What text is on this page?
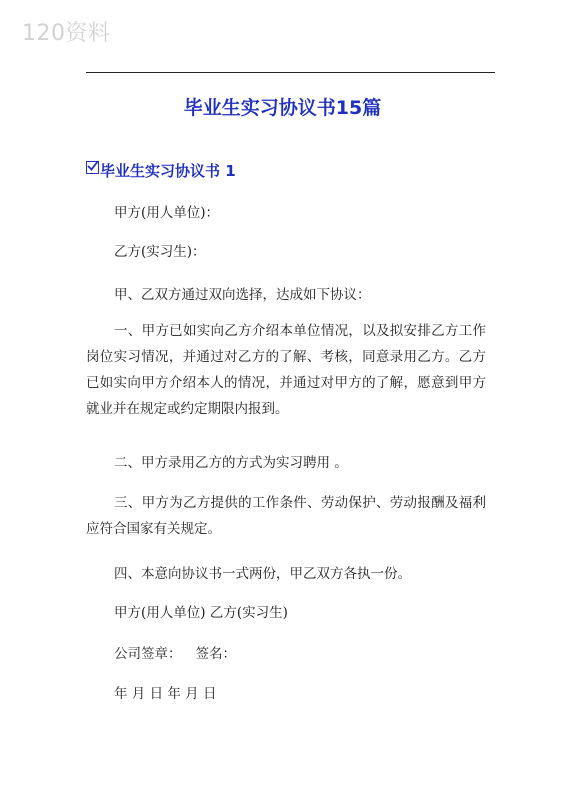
120资料
毕业生实习协议书15篇
毕业生实习协议书 1
甲方(用人单位)：
乙方(实习生)：
甲、乙双方通过双向选择，达成如下协议：
一、甲方已如实向乙方介绍本单位情况，以及拟安排乙方工作岗位实习情况，并通过对乙方的了解、考核，同意录用乙方。乙方已如实向甲方介绍本人的情况，并通过对甲方的了解，愿意到甲方就业并在规定或约定期限内报到。
二、甲方录用乙方的方式为实习聘用 。
三、甲方为乙方提供的工作条件、劳动保护、劳动报酬及福利应符合国家有关规定。
四、本意向协议书一式两份，甲乙双方各执一份。
甲方(用人单位) 乙方(实习生)
公司签章： 签名：
年 月 日 年 月 日
